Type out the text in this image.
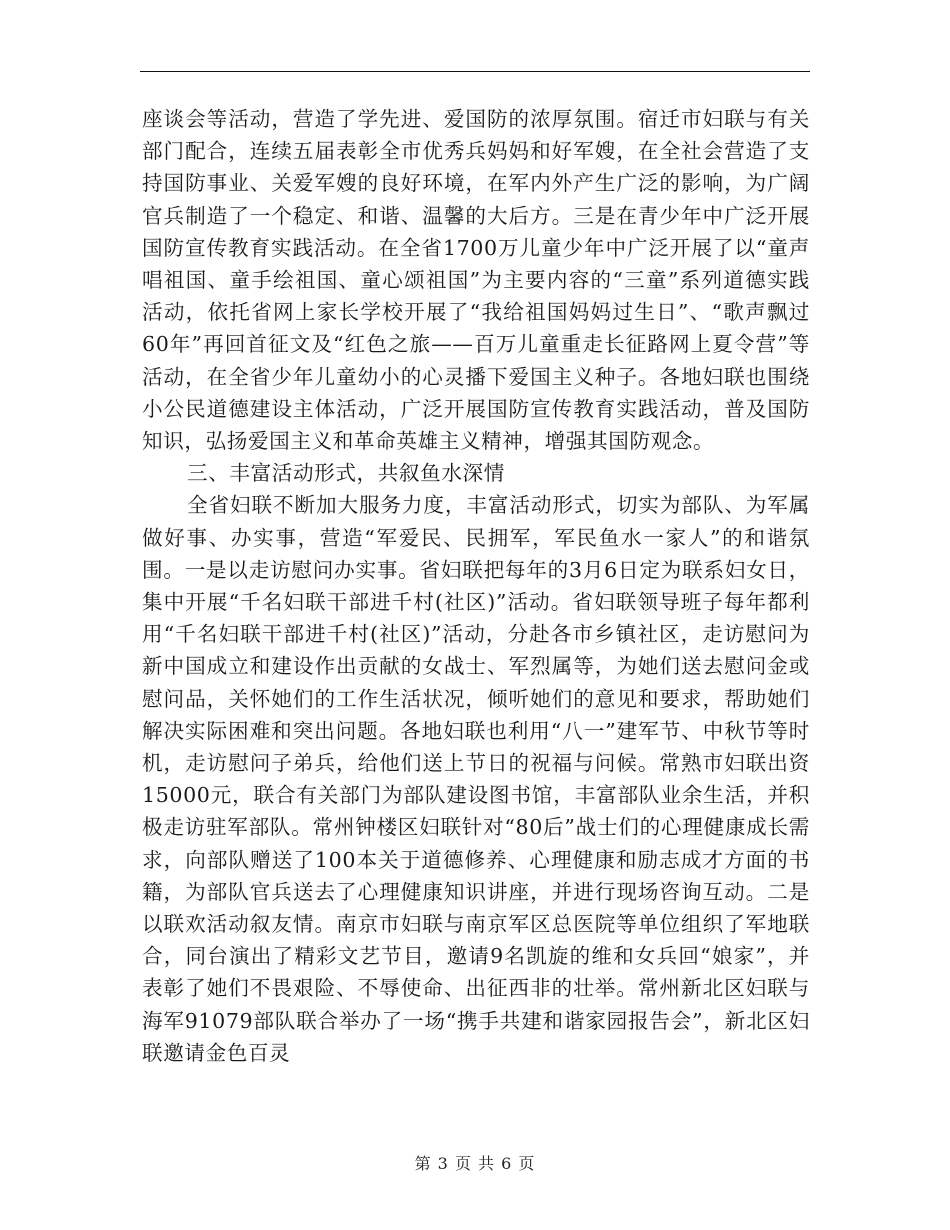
座谈会等活动，营造了学先进、爱国防的浓厚氛围。宿迁市妇联与有关部门配合，连续五届表彰全市优秀兵妈妈和好军嫂，在全社会营造了支持国防事业、关爱军嫂的良好环境，在军内外产生广泛的影响，为广阔官兵制造了一个稳定、和谐、温馨的大后方。三是在青少年中广泛开展国防宣传教育实践活动。在全省1700万儿童少年中广泛开展了以“童声唱祖国、童手绘祖国、童心颂祖国”为主要内容的“三童”系列道德实践活动，依托省网上家长学校开展了“我给祖国妈妈过生日”、“歌声飘过60年”再回首征文及“红色之旅——百万儿童重走长征路网上夏令营”等活动，在全省少年儿童幼小的心灵播下爱国主义种子。各地妇联也围绕小公民道德建设主体活动，广泛开展国防宣传教育实践活动，普及国防知识，弘扬爱国主义和革命英雄主义精神，增强其国防观念。

三、丰富活动形式，共叙鱼水深情

全省妇联不断加大服务力度，丰富活动形式，切实为部队、为军属做好事、办实事，营造“军爱民、民拥军，军民鱼水一家人”的和谐氛围。一是以走访慰问办实事。省妇联把每年的3月6日定为联系妇女日，集中开展“千名妇联干部进千村(社区)”活动。省妇联领导班子每年都利用“千名妇联干部进千村(社区)”活动，分赴各市乡镇社区，走访慰问为新中国成立和建设作出贡献的女战士、军烈属等，为她们送去慰问金或慰问品，关怀她们的工作生活状况，倾听她们的意见和要求，帮助她们解决实际困难和突出问题。各地妇联也利用“八一”建军节、中秋节等时机，走访慰问子弟兵，给他们送上节日的祝福与问候。常熟市妇联出资15000元，联合有关部门为部队建设图书馆，丰富部队业余生活，并积极走访驻军部队。常州钟楼区妇联针对“80后”战士们的心理健康成长需求，向部队赠送了100本关于道德修养、心理健康和励志成才方面的书籍，为部队官兵送去了心理健康知识讲座，并进行现场咨询互动。二是以联欢活动叙友情。南京市妇联与南京军区总医院等单位组织了军地联合，同台演出了精彩文艺节目，邀请9名凯旋的维和女兵回“娘家”，并表彰了她们不畏艰险、不辱使命、出征西非的壮举。常州新北区妇联与海军91079部队联合举办了一场“携手共建和谐家园报告会”，新北区妇联邀请金色百灵

第 3 页 共 6 页
